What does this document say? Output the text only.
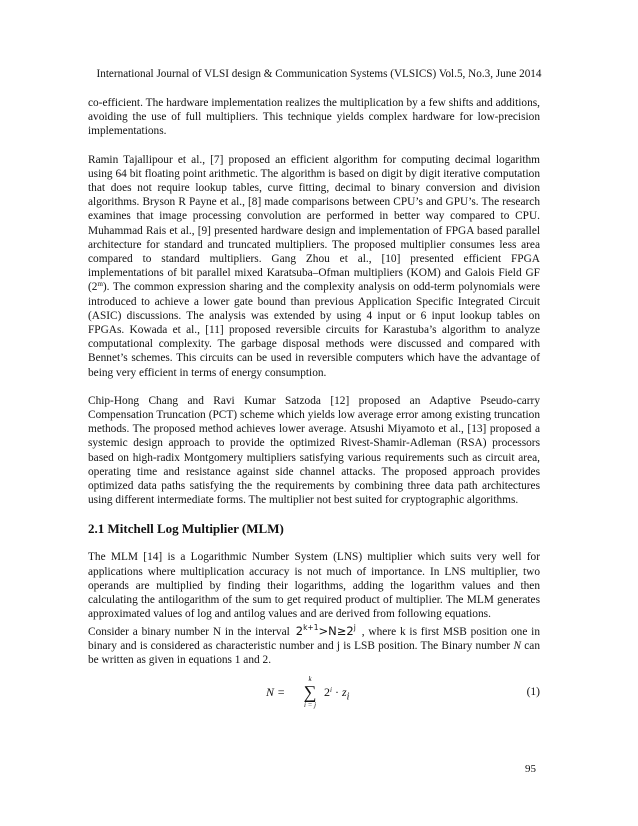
International Journal of VLSI design & Communication Systems (VLSICS) Vol.5, No.3, June 2014

co-efficient. The hardware implementation realizes the multiplication by a few shifts and additions, avoiding the use of full multipliers. This technique yields complex hardware for low-precision implementations.

Ramin Tajallipour et al., [7] proposed an efficient algorithm for computing decimal logarithm using 64 bit floating point arithmetic. The algorithm is based on digit by digit iterative computation that does not require lookup tables, curve fitting, decimal to binary conversion and division algorithms. Bryson R Payne et al., [8] made comparisons between CPU’s and GPU’s. The research examines that image processing convolution are performed in better way compared to CPU. Muhammad Rais et al., [9] presented hardware design and implementation of FPGA based parallel architecture for standard and truncated multipliers. The proposed multiplier consumes less area compared to standard multipliers. Gang Zhou et al., [10] presented efficient FPGA implementations of bit parallel mixed Karatsuba–Ofman multipliers (KOM) and Galois Field GF (2$^m$). The common expression sharing and the complexity analysis on odd-term polynomials were introduced to achieve a lower gate bound than previous Application Specific Integrated Circuit (ASIC) discussions. The analysis was extended by using 4 input or 6 input lookup tables on FPGAs. Kowada et al., [11] proposed reversible circuits for Karastuba’s algorithm to analyze computational complexity. The garbage disposal methods were discussed and compared with Bennet’s schemes. This circuits can be used in reversible computers which have the advantage of being very efficient in terms of energy consumption.

Chip-Hong Chang and Ravi Kumar Satzoda [12] proposed an Adaptive Pseudo-carry Compensation Truncation (PCT) scheme which yields low average error among existing truncation methods. The proposed method achieves lower average. Atsushi Miyamoto et al., [13] proposed a systemic design approach to provide the optimized Rivest-Shamir-Adleman (RSA) processors based on high-radix Montgomery multipliers satisfying various requirements such as circuit area, operating time and resistance against side channel attacks. The proposed approach provides optimized data paths satisfying the the requirements by combining three data path architectures using different intermediate forms. The multiplier not best suited for cryptographic algorithms.

2.1 Mitchell Log Multiplier (MLM)

The MLM [14] is a Logarithmic Number System (LNS) multiplier which suits very well for applications where multiplication accuracy is not much of importance. In LNS multiplier, two operands are multiplied by finding their logarithms, adding the logarithm values and then calculating the antilogarithm of the sum to get required product of multiplier. The MLM generates approximated values of log and antilog values and are derived from following equations.

Consider a binary number N in the interval $2^{k+1}>N\ge 2^j$ , where k is first MSB position one in binary and is considered as characteristic number and j is LSB position. The Binary number N can be written as given in equations 1 and 2.

N =
k
∑
i = j
$2^i \cdot z_i$	(1)
95
